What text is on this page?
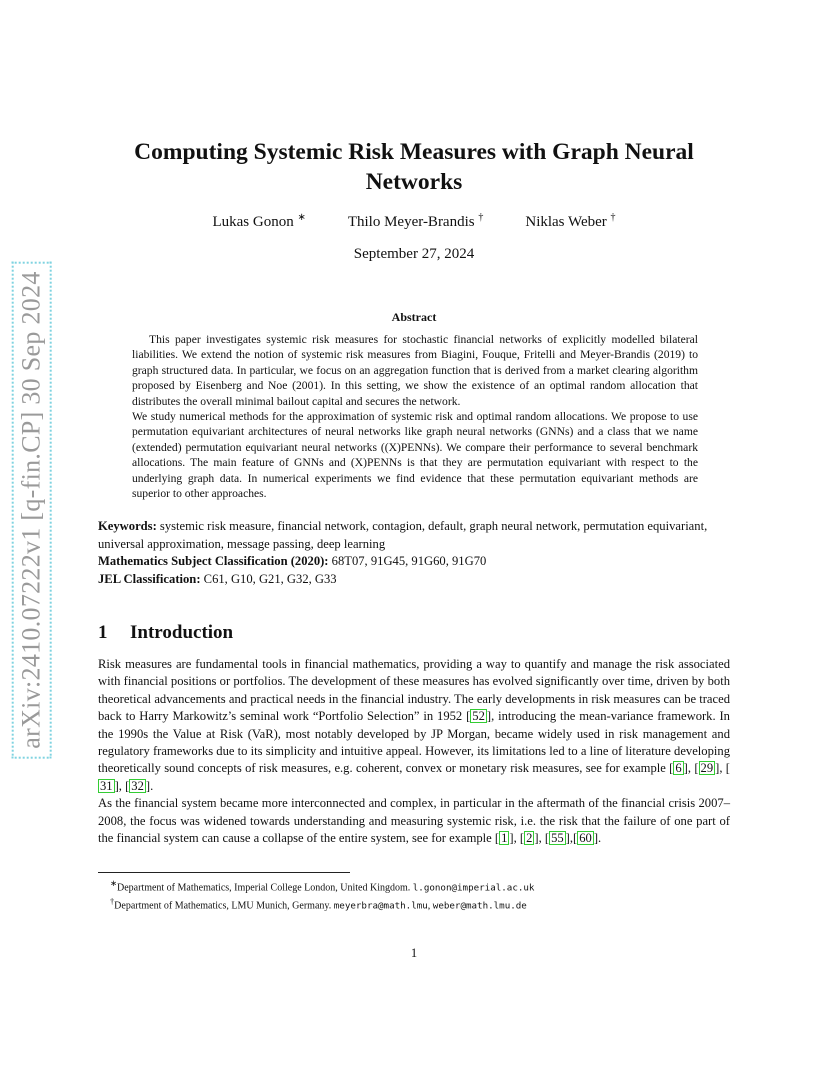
arXiv:2410.07222v1 [q-fin.CP] 30 Sep 2024
Computing Systemic Risk Measures with Graph Neural Networks
Lukas Gonon ∗	Thilo Meyer-Brandis †	Niklas Weber †
September 27, 2024
Abstract

This paper investigates systemic risk measures for stochastic financial networks of explicitly modelled bilateral liabilities. We extend the notion of systemic risk measures from Biagini, Fouque, Fritelli and Meyer-Brandis (2019) to graph structured data. In particular, we focus on an aggregation function that is derived from a market clearing algorithm proposed by Eisenberg and Noe (2001). In this setting, we show the existence of an optimal random allocation that distributes the overall minimal bailout capital and secures the network.

We study numerical methods for the approximation of systemic risk and optimal random allocations. We propose to use permutation equivariant architectures of neural networks like graph neural networks (GNNs) and a class that we name (extended) permutation equivariant neural networks ((X)PENNs). We compare their performance to several benchmark allocations. The main feature of GNNs and (X)PENNs is that they are permutation equivariant with respect to the underlying graph data. In numerical experiments we find evidence that these permutation equivariant methods are superior to other approaches.

Keywords: systemic risk measure, financial network, contagion, default, graph neural network, permutation equivariant, universal approximation, message passing, deep learning

Mathematics Subject Classification (2020): 68T07, 91G45, 91G60, 91G70

JEL Classification: C61, G10, G21, G32, G33

1 Introduction

Risk measures are fundamental tools in financial mathematics, providing a way to quantify and manage the risk associated with financial positions or portfolios. The development of these measures has evolved significantly over time, driven by both theoretical advancements and practical needs in the financial industry. The early developments in risk measures can be traced back to Harry Markowitz’s seminal work “Portfolio Selection” in 1952 [ 52 ], introducing the mean-variance framework. In the 1990s the Value at Risk (VaR), most notably developed by JP Morgan, became widely used in risk management and regulatory frameworks due to its simplicity and intuitive appeal. However, its limitations led to a line of literature developing theoretically sound concepts of risk measures, e.g. coherent, convex or monetary risk measures, see for example [ 6 ], [ 29 ], [31 ], [ 32 ].

As the financial system became more interconnected and complex, in particular in the aftermath of the financial crisis 2007–2008, the focus was widened towards understanding and measuring systemic risk, i.e. the risk that the failure of one part of the financial system can cause a collapse of the entire system, see for example [ 1 ], [ 2 ], [ 55 ],[ 60 ].

∗Department of Mathematics, Imperial College London, United Kingdom. l.gonon@imperial.ac.uk

†Department of Mathematics, LMU Munich, Germany. meyerbra@math.lmu, weber@math.lmu.de

1
